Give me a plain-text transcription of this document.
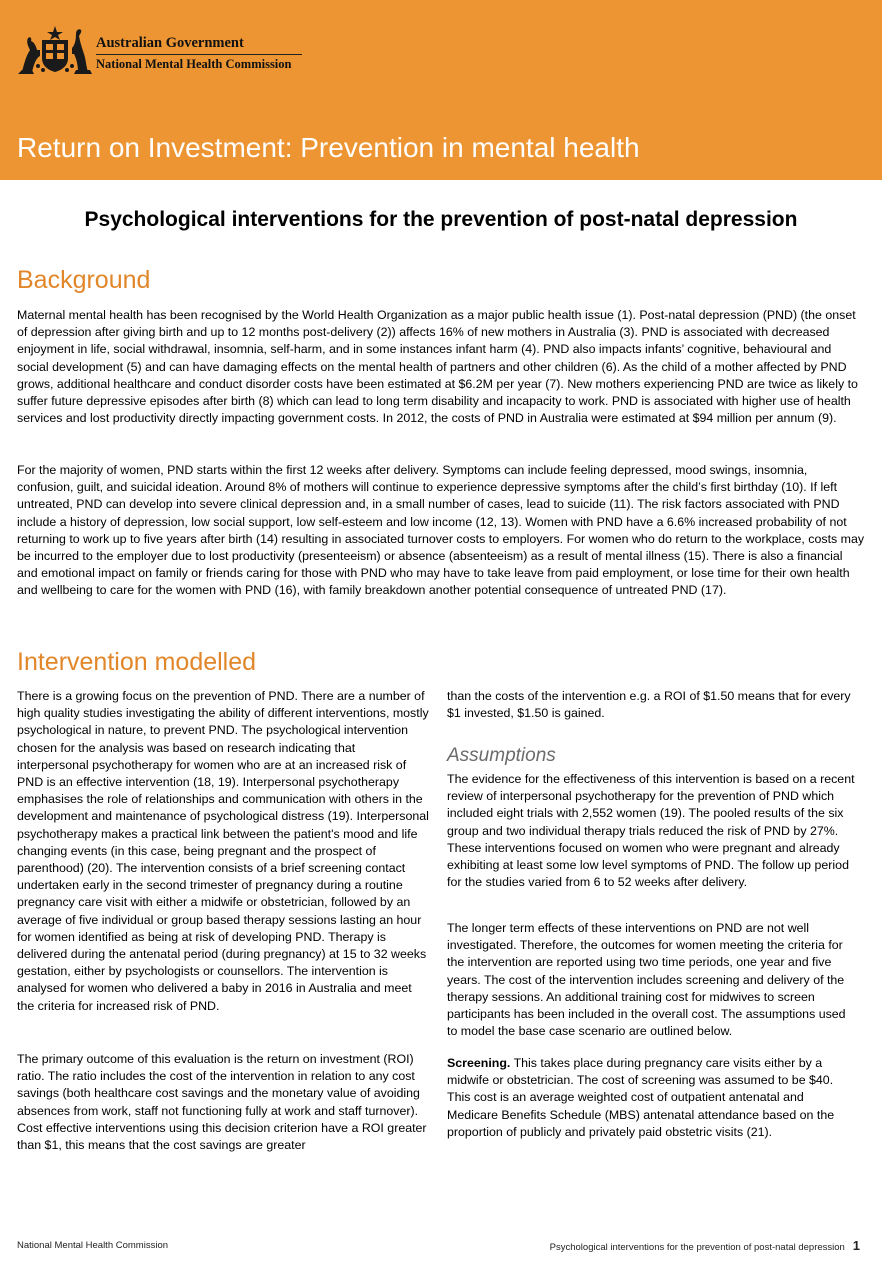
Australian Government
National Mental Health Commission
Return on Investment: Prevention in mental health
Psychological interventions for the prevention of post-natal depression
Background

Maternal mental health has been recognised by the World Health Organization as a major public health issue (1). Post-natal depression (PND) (the onset of depression after giving birth and up to 12 months post-delivery (2)) affects 16% of new mothers in Australia (3). PND is associated with decreased enjoyment in life, social withdrawal, insomnia, self-harm, and in some instances infant harm (4). PND also impacts infants’ cognitive, behavioural and social development (5) and can have damaging effects on the mental health of partners and other children (6). As the child of a mother affected by PND grows, additional healthcare and conduct disorder costs have been estimated at $6.2M per year (7). New mothers experiencing PND are twice as likely to suffer future depressive episodes after birth (8) which can lead to long term disability and incapacity to work. PND is associated with higher use of health services and lost productivity directly impacting government costs. In 2012, the costs of PND in Australia were estimated at $94 million per annum (9).

For the majority of women, PND starts within the first 12 weeks after delivery. Symptoms can include feeling depressed, mood swings, insomnia, confusion, guilt, and suicidal ideation. Around 8% of mothers will continue to experience depressive symptoms after the child’s first birthday (10). If left untreated, PND can develop into severe clinical depression and, in a small number of cases, lead to suicide (11). The risk factors associated with PND include a history of depression, low social support, low self-esteem and low income (12, 13). Women with PND have a 6.6% increased probability of not returning to work up to five years after birth (14) resulting in associated turnover costs to employers. For women who do return to the workplace, costs may be incurred to the employer due to lost productivity (presenteeism) or absence (absenteeism) as a result of mental illness (15). There is also a financial and emotional impact on family or friends caring for those with PND who may have to take leave from paid employment, or lose time for their own health and wellbeing to care for the women with PND (16), with family breakdown another potential consequence of untreated PND (17).

Intervention modelled

There is a growing focus on the prevention of PND. There are a number of high quality studies investigating the ability of different interventions, mostly psychological in nature, to prevent PND. The psychological intervention chosen for the analysis was based on research indicating that interpersonal psychotherapy for women who are at an increased risk of PND is an effective intervention (18, 19). Interpersonal psychotherapy emphasises the role of relationships and communication with others in the development and maintenance of psychological distress (19). Interpersonal psychotherapy makes a practical link between the patient's mood and life changing events (in this case, being pregnant and the prospect of parenthood) (20). The intervention consists of a brief screening contact undertaken early in the second trimester of pregnancy during a routine pregnancy care visit with either a midwife or obstetrician, followed by an average of five individual or group based therapy sessions lasting an hour for women identified as being at risk of developing PND. Therapy is delivered during the antenatal period (during pregnancy) at 15 to 32 weeks gestation, either by psychologists or counsellors. The intervention is analysed for women who delivered a baby in 2016 in Australia and meet the criteria for increased risk of PND.

The primary outcome of this evaluation is the return on investment (ROI) ratio. The ratio includes the cost of the intervention in relation to any cost savings (both healthcare cost savings and the monetary value of avoiding absences from work, staff not functioning fully at work and staff turnover). Cost effective interventions using this decision criterion have a ROI greater than $1, this means that the cost savings are greater

than the costs of the intervention e.g. a ROI of $1.50 means that for every $1 invested, $1.50 is gained.

Assumptions

The evidence for the effectiveness of this intervention is based on a recent review of interpersonal psychotherapy for the prevention of PND which included eight trials with 2,552 women (19). The pooled results of the six group and two individual therapy trials reduced the risk of PND by 27%. These interventions focused on women who were pregnant and already exhibiting at least some low level symptoms of PND. The follow up period for the studies varied from 6 to 52 weeks after delivery.

The longer term effects of these interventions on PND are not well investigated. Therefore, the outcomes for women meeting the criteria for the intervention are reported using two time periods, one year and five years. The cost of the intervention includes screening and delivery of the therapy sessions. An additional training cost for midwives to screen participants has been included in the overall cost. The assumptions used to model the base case scenario are outlined below.

Screening. This takes place during pregnancy care visits either by a midwife or obstetrician. The cost of screening was assumed to be $40. This cost is an average weighted cost of outpatient antenatal and Medicare Benefits Schedule (MBS) antenatal attendance based on the proportion of publicly and privately paid obstetric visits (21).

National Mental Health Commission	Psychological interventions for the prevention of post-natal depression 1
